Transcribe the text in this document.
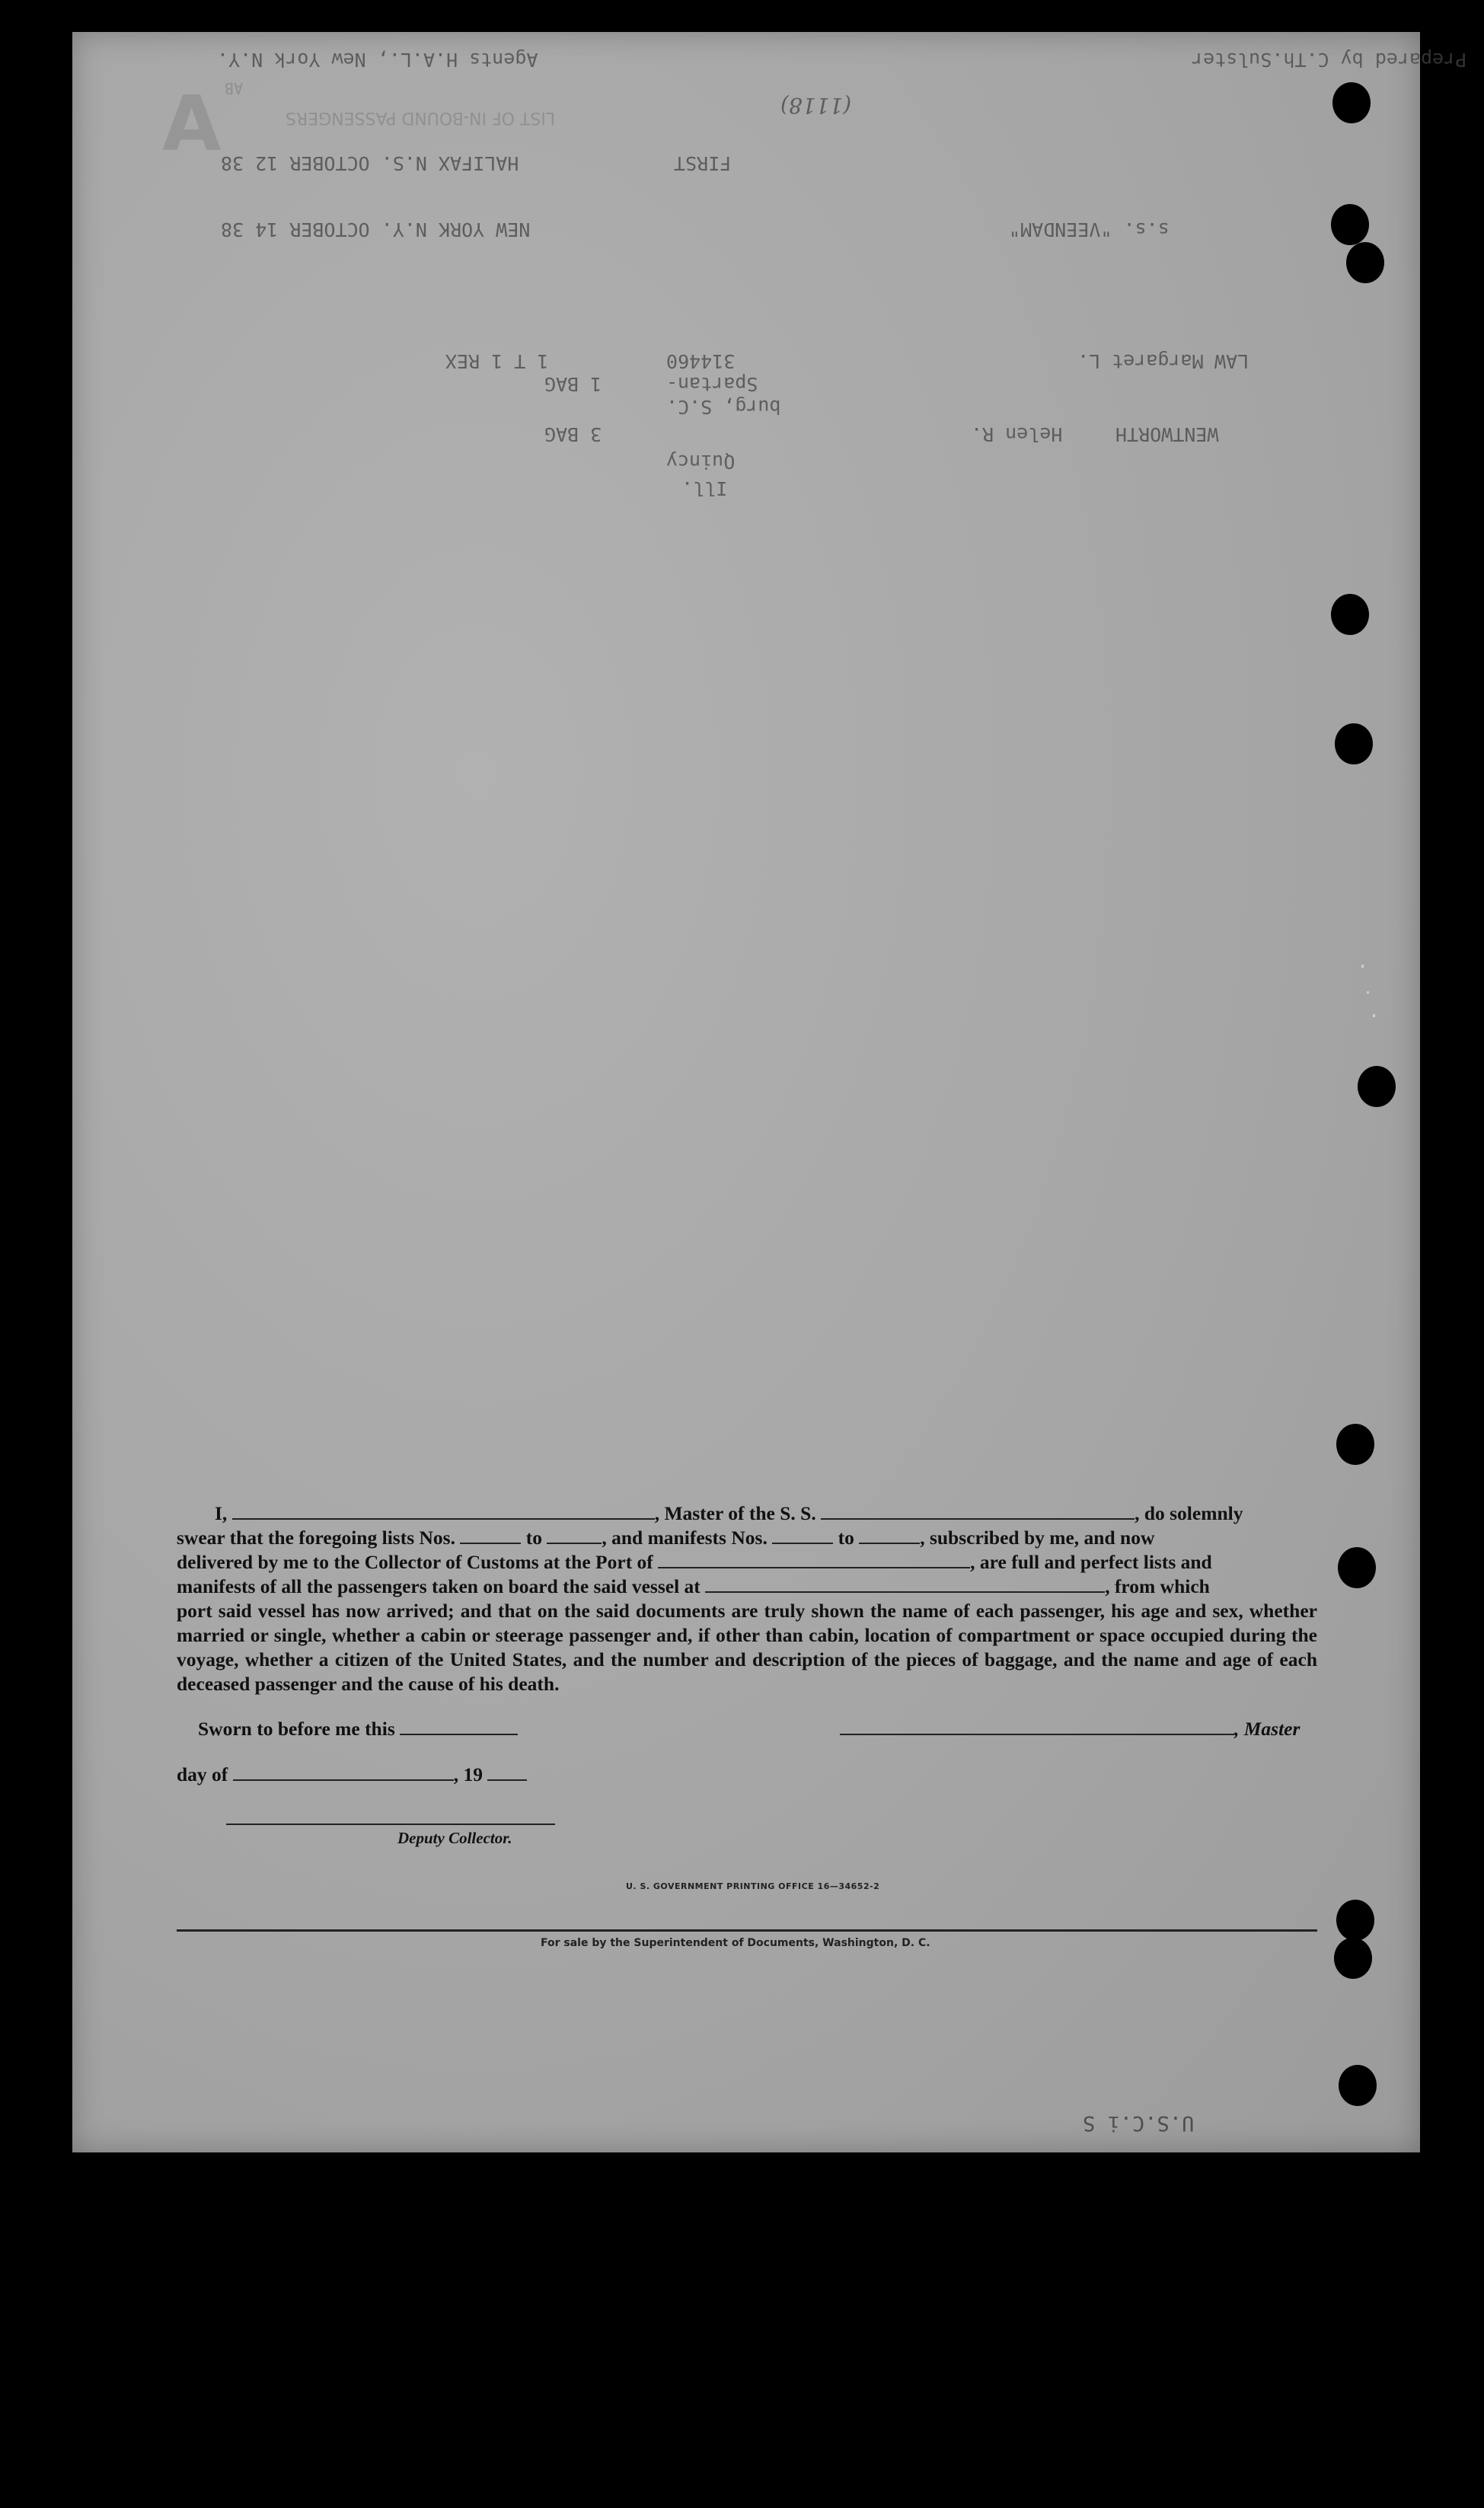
A
Agents H.A.L., New York N.Y.	Prepared by C.Th.Sulster
AB
(1118)
LIST OF IN-BOUND PASSENGERS
HALIFAX N.S. OCTOBER 12 38	FIRST
NEW YORK N.Y. OCTOBER 14 38	s.s. "VEENDAM"
1 T 1 REX	314460	Margaret L. LAW
1 BAG	Spartan-
burg, S.C.
3 BAG	Helen R.	WENTWORTH
Quincy
Ill.

I,	, Master of the S. S.	, do solemnly

swear that the foregoing lists Nos.	to	, and manifests Nos.	to	, subscribed by me, and now

delivered by me to the Collector of Customs at the Port of	, are full and perfect lists and

manifests of all the passengers taken on board the said vessel at	, from which

port said vessel has now arrived; and that on the said documents are truly shown the name of each passenger, his age and sex, whether married or single, whether a cabin or steerage passenger and, if other than cabin, location of compartment or space occupied during the voyage, whether a citizen of the United States, and the number and description of the pieces of baggage, and the name and age of each deceased passenger and the cause of his death.

Sworn to before me this	, Master
day of	, 19
Deputy Collector.
U. S. GOVERNMENT PRINTING OFFICE 16—34652-2
For sale by the Superintendent of Documents, Washington, D. C.
U.S.C.i S
